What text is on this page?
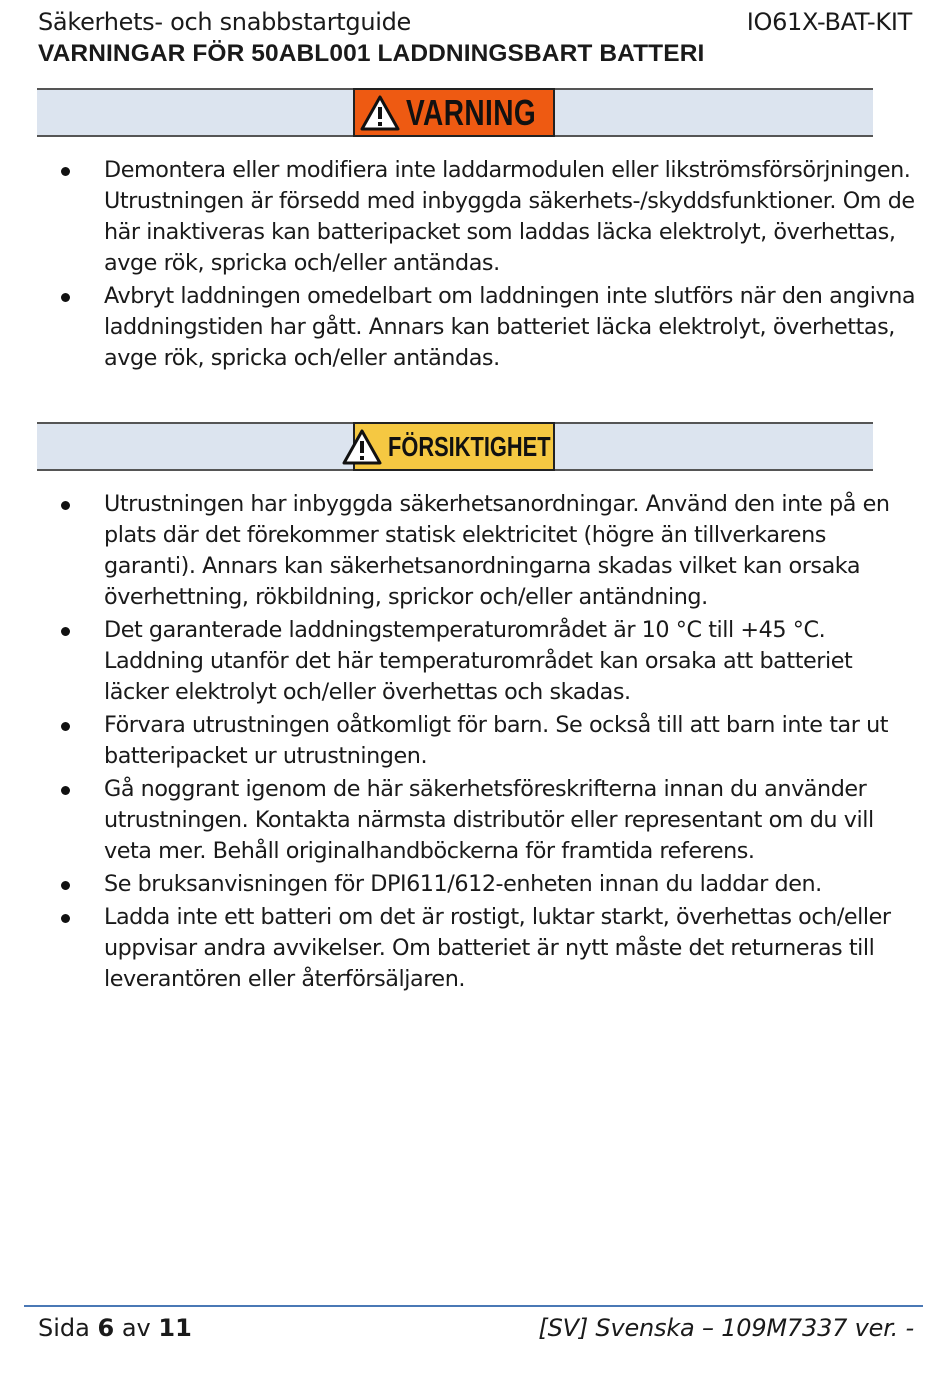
Säkerhets- och snabbstartguide	IO61X-BAT-KIT
VARNINGAR FÖR 50ABL001 LADDNINGSBART BATTERI
VARNING
Demontera eller modifiera inte laddarmodulen eller likströmsförsörjningen. Utrustningen är försedd med inbyggda säkerhets-/skyddsfunktioner. Om de här inaktiveras kan batteripacket som laddas läcka elektrolyt, överhettas, avge rök, spricka och/eller antändas.
Avbryt laddningen omedelbart om laddningen inte slutförs när den angivna laddningstiden har gått. Annars kan batteriet läcka elektrolyt, överhettas, avge rök, spricka och/eller antändas.
FÖRSIKTIGHET
Utrustningen har inbyggda säkerhetsanordningar. Använd den inte på en plats där det förekommer statisk elektricitet (högre än tillverkarens garanti). Annars kan säkerhetsanordningarna skadas vilket kan orsaka överhettning, rökbildning, sprickor och/eller antändning.
Det garanterade laddningstemperaturområdet är 10 °C till +45 °C. Laddning utanför det här temperaturområdet kan orsaka att batteriet läcker elektrolyt och/eller överhettas och skadas.
Förvara utrustningen oåtkomligt för barn. Se också till att barn inte tar ut batteripacket ur utrustningen.
Gå noggrant igenom de här säkerhetsföreskrifterna innan du använder utrustningen. Kontakta närmsta distributör eller representant om du vill veta mer. Behåll originalhandböckerna för framtida referens.
Se bruksanvisningen för DPI611/612-enheten innan du laddar den.
Ladda inte ett batteri om det är rostigt, luktar starkt, överhettas och/eller uppvisar andra avvikelser. Om batteriet är nytt måste det returneras till leverantören eller återförsäljaren.
Sida 6 av 11	[SV] Svenska – 109M7337 ver. -
